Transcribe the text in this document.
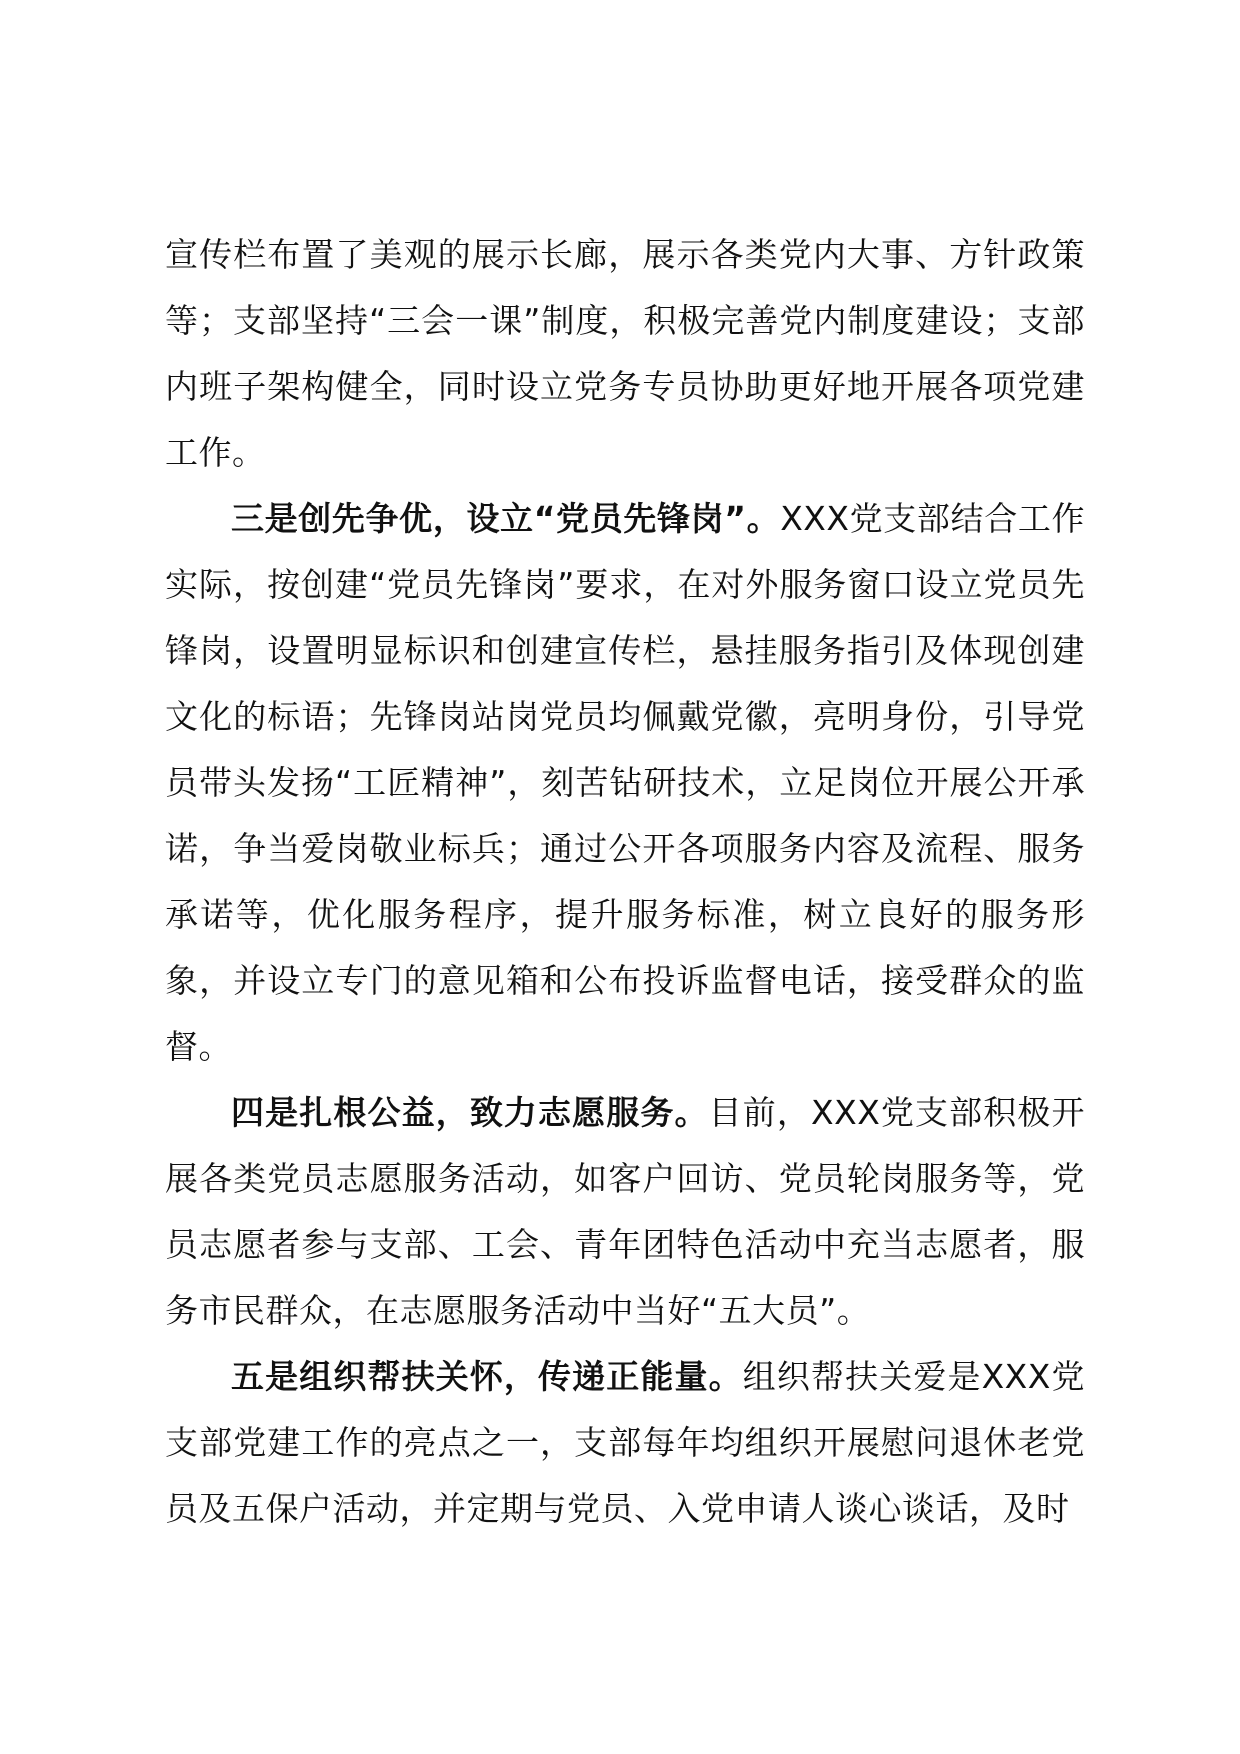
宣传栏布置了美观的展示长廊，展示各类党内大事、方针政策等；支部坚持“三会一课”制度，积极完善党内制度建设；支部内班子架构健全，同时设立党务专员协助更好地开展各项党建工作。

三是创先争优，设立“党员先锋岗”。XXX党支部结合工作实际，按创建“党员先锋岗”要求，在对外服务窗口设立党员先锋岗，设置明显标识和创建宣传栏，悬挂服务指引及体现创建文化的标语；先锋岗站岗党员均佩戴党徽，亮明身份，引导党员带头发扬“工匠精神”，刻苦钻研技术，立足岗位开展公开承诺，争当爱岗敬业标兵；通过公开各项服务内容及流程、服务承诺等，优化服务程序，提升服务标准，树立良好的服务形象，并设立专门的意见箱和公布投诉监督电话，接受群众的监督。

四是扎根公益，致力志愿服务。目前，XXX党支部积极开展各类党员志愿服务活动，如客户回访、党员轮岗服务等，党员志愿者参与支部、工会、青年团特色活动中充当志愿者，服务市民群众，在志愿服务活动中当好“五大员”。

五是组织帮扶关怀，传递正能量。组织帮扶关爱是XXX党支部党建工作的亮点之一，支部每年均组织开展慰问退休老党员及五保户活动，并定期与党员、入党申请人谈心谈话，及时
